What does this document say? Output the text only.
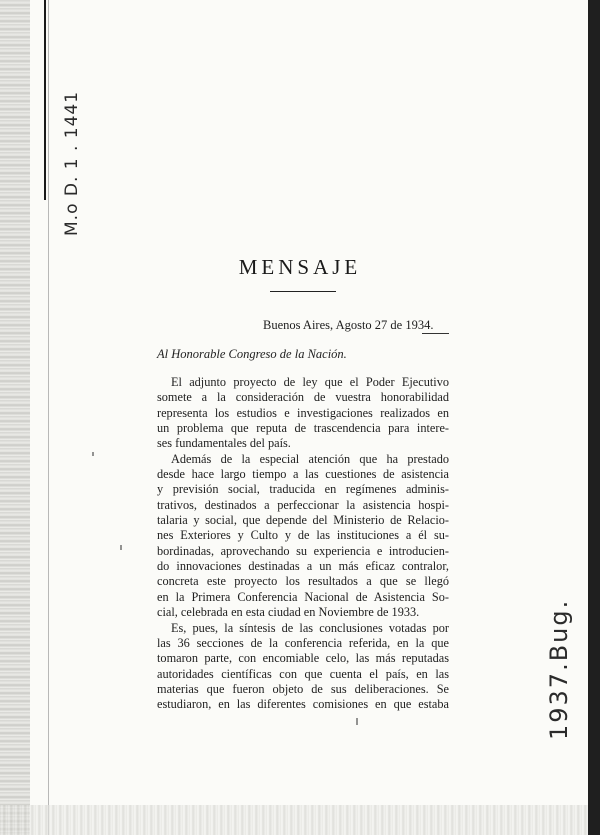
M.o D. 1 . 1441
1937.Bug.
MENSAJE
Buenos Aires, Agosto 27 de 1934.
Al Honorable Congreso de la Nación.
El adjunto proyecto de ley que el Poder Ejecutivo
somete a la consideración de vuestra honorabilidad
representa los estudios e investigaciones realizados en
un problema que reputa de trascendencia para intere-
ses fundamentales del país.
Además de la especial atención que ha prestado
desde hace largo tiempo a las cuestiones de asistencia
y previsión social, traducida en regímenes adminis-
trativos, destinados a perfeccionar la asistencia hospi-
talaria y social, que depende del Ministerio de Relacio-
nes Exteriores y Culto y de las instituciones a él su-
bordinadas, aprovechando su experiencia e introducien-
do innovaciones destinadas a un más eficaz contralor,
concreta este proyecto los resultados a que se llegó
en la Primera Conferencia Nacional de Asistencia So-
cial, celebrada en esta ciudad en Noviembre de 1933.
Es, pues, la síntesis de las conclusiones votadas por
las 36 secciones de la conferencia referida, en la que
tomaron parte, con encomiable celo, las más reputadas
autoridades científicas con que cuenta el país, en las
materias que fueron objeto de sus deliberaciones. Se
estudiaron, en las diferentes comisiones en que estaba
